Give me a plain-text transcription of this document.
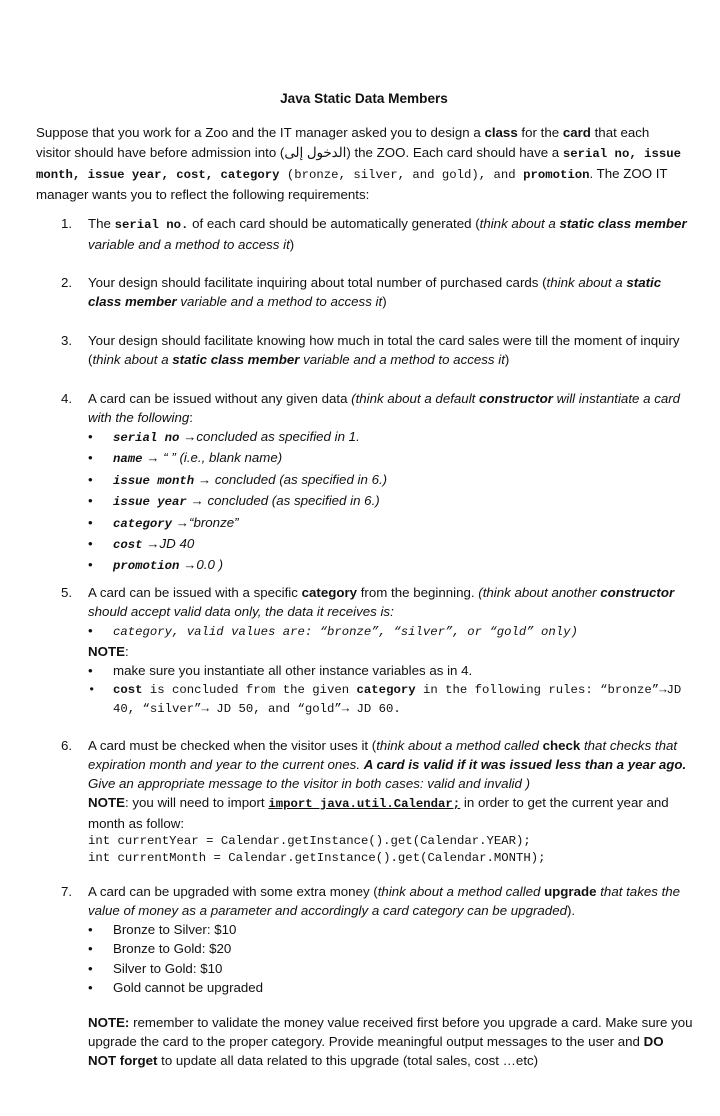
Java Static Data Members
Suppose that you work for a Zoo and the IT manager asked you to design a class for the card that each visitor should have before admission into (الدخول إلى) the ZOO. Each card should have a serial no, issue month, issue year, cost, category (bronze, silver, and gold), and promotion. The ZOO IT manager wants you to reflect the following requirements:
1. The serial no. of each card should be automatically generated (think about a static class member variable and a method to access it)
2. Your design should facilitate inquiring about total number of purchased cards (think about a static class member variable and a method to access it)
3. Your design should facilitate knowing how much in total the card sales were till the moment of inquiry (think about a static class member variable and a method to access it)
4. A card can be issued without any given data (think about a default constructor will instantiate a card with the following:
• serial no →concluded as specified in 1.
• name → “ ” (i.e., blank name)
• issue month → concluded (as specified in 6.)
• issue year → concluded (as specified in 6.)
• category →“bronze”
• cost →JD 40
• promotion →0.0 )
5. A card can be issued with a specific category from the beginning. (think about another constructor should accept valid data only, the data it receives is:
• category, valid values are: “bronze”, “silver”, or “gold” only)
NOTE:
• make sure you instantiate all other instance variables as in 4.
• cost is concluded from the given category in the following rules: “bronze”→JD 40, “silver”→ JD 50, and “gold”→ JD 60.
6. A card must be checked when the visitor uses it (think about a method called check that checks that expiration month and year to the current ones. A card is valid if it was issued less than a year ago. Give an appropriate message to the visitor in both cases: valid and invalid )
NOTE: you will need to import import java.util.Calendar; in order to get the current year and month as follow:
int currentYear = Calendar.getInstance().get(Calendar.YEAR);
int currentMonth = Calendar.getInstance().get(Calendar.MONTH);
7. A card can be upgraded with some extra money (think about a method called upgrade that takes the value of money as a parameter and accordingly a card category can be upgraded).
• Bronze to Silver: $10
• Bronze to Gold: $20
• Silver to Gold: $10
• Gold cannot be upgraded
NOTE: remember to validate the money value received first before you upgrade a card. Make sure you upgrade the card to the proper category. Provide meaningful output messages to the user and DO NOT forget to update all data related to this upgrade (total sales, cost …etc)
